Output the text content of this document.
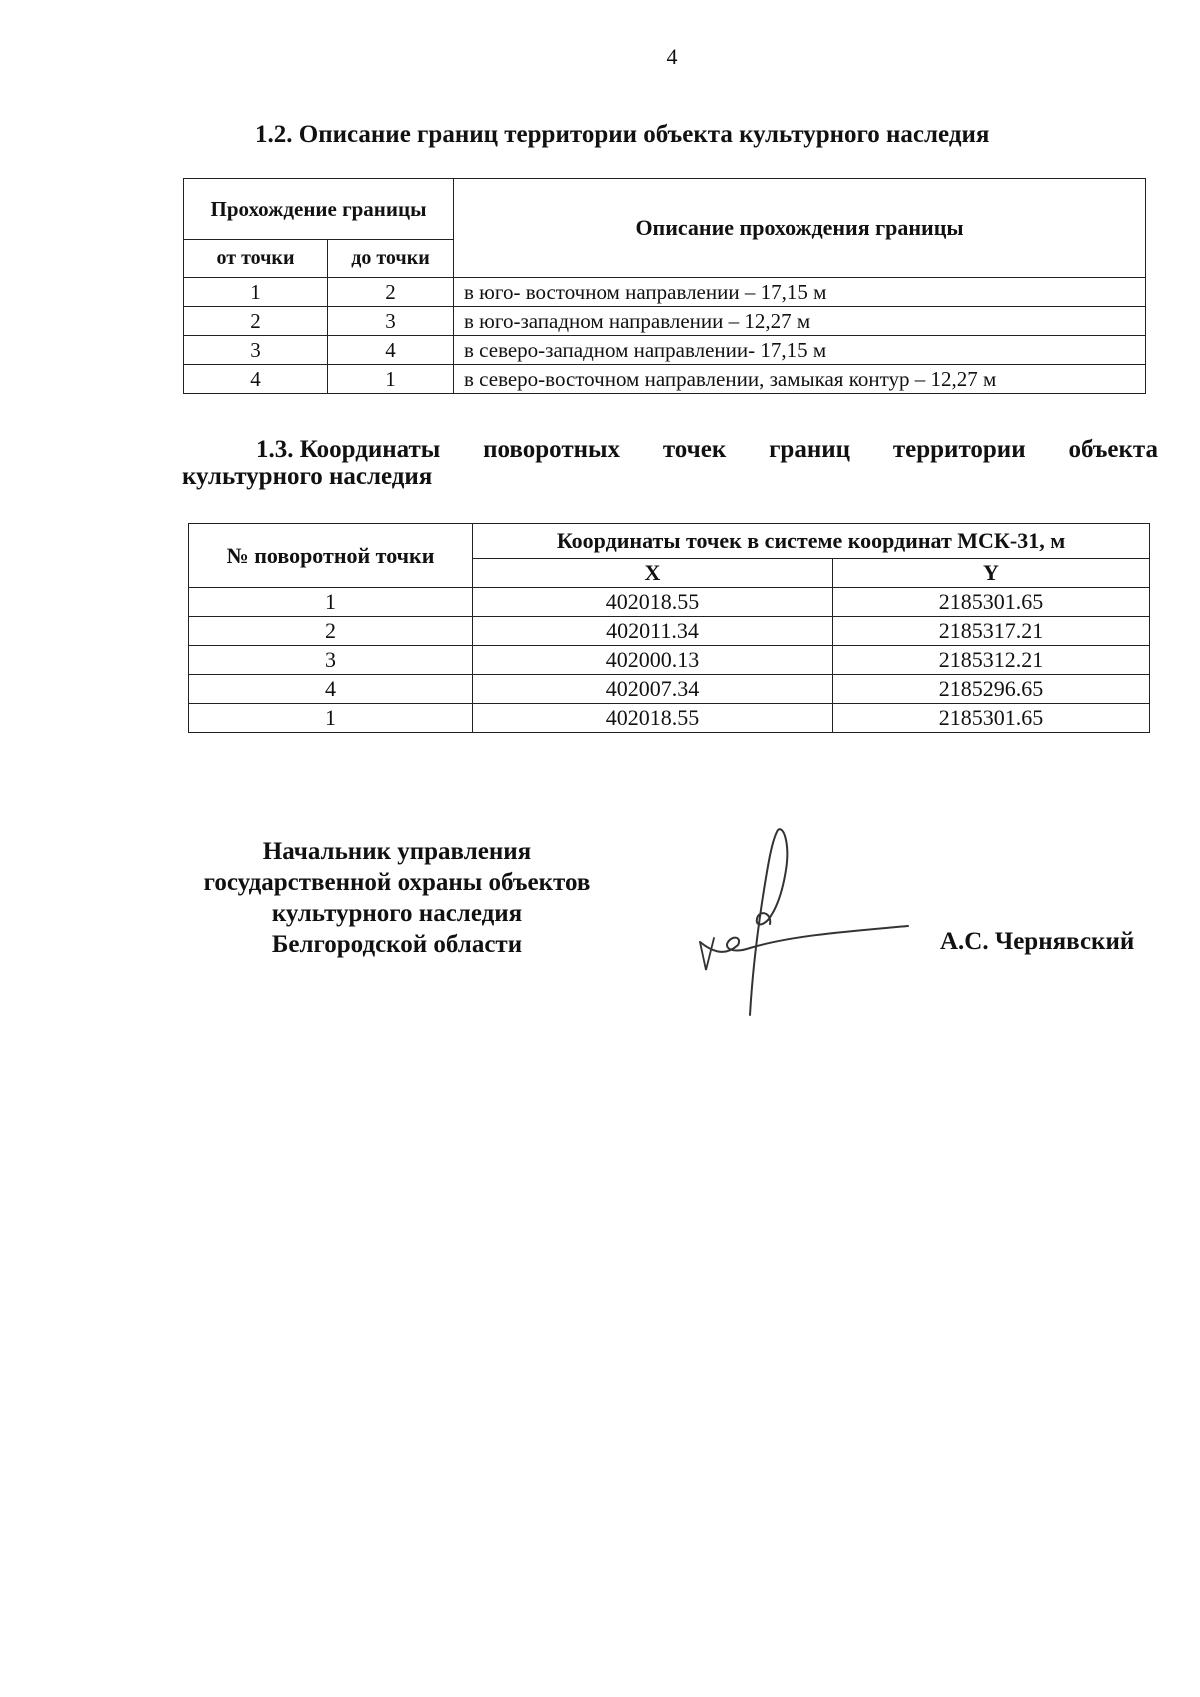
4
1.2. Описание границ территории объекта культурного наследия
Прохождение границы		Описание прохождения границы
от точки	до точки	
1	2	в юго- восточном направлении – 17,15 м
2	3	в юго-западном направлении – 12,27 м
3	4	в северо-западном направлении- 17,15 м
4	1	в северо-восточном направлении, замыкая контур – 12,27 м
1.3. Координаты поворотных точек границ территории объекта
культурного наследия
№ поворотной точки	Координаты точек в системе координат МСК-31, м	
	X	Y
1	402018.55	2185301.65
2	402011.34	2185317.21
3	402000.13	2185312.21
4	402007.34	2185296.65
1	402018.55	2185301.65
Начальник управления
государственной охраны объектов
культурного наследия
Белгородской области	А.С. Чернявский
